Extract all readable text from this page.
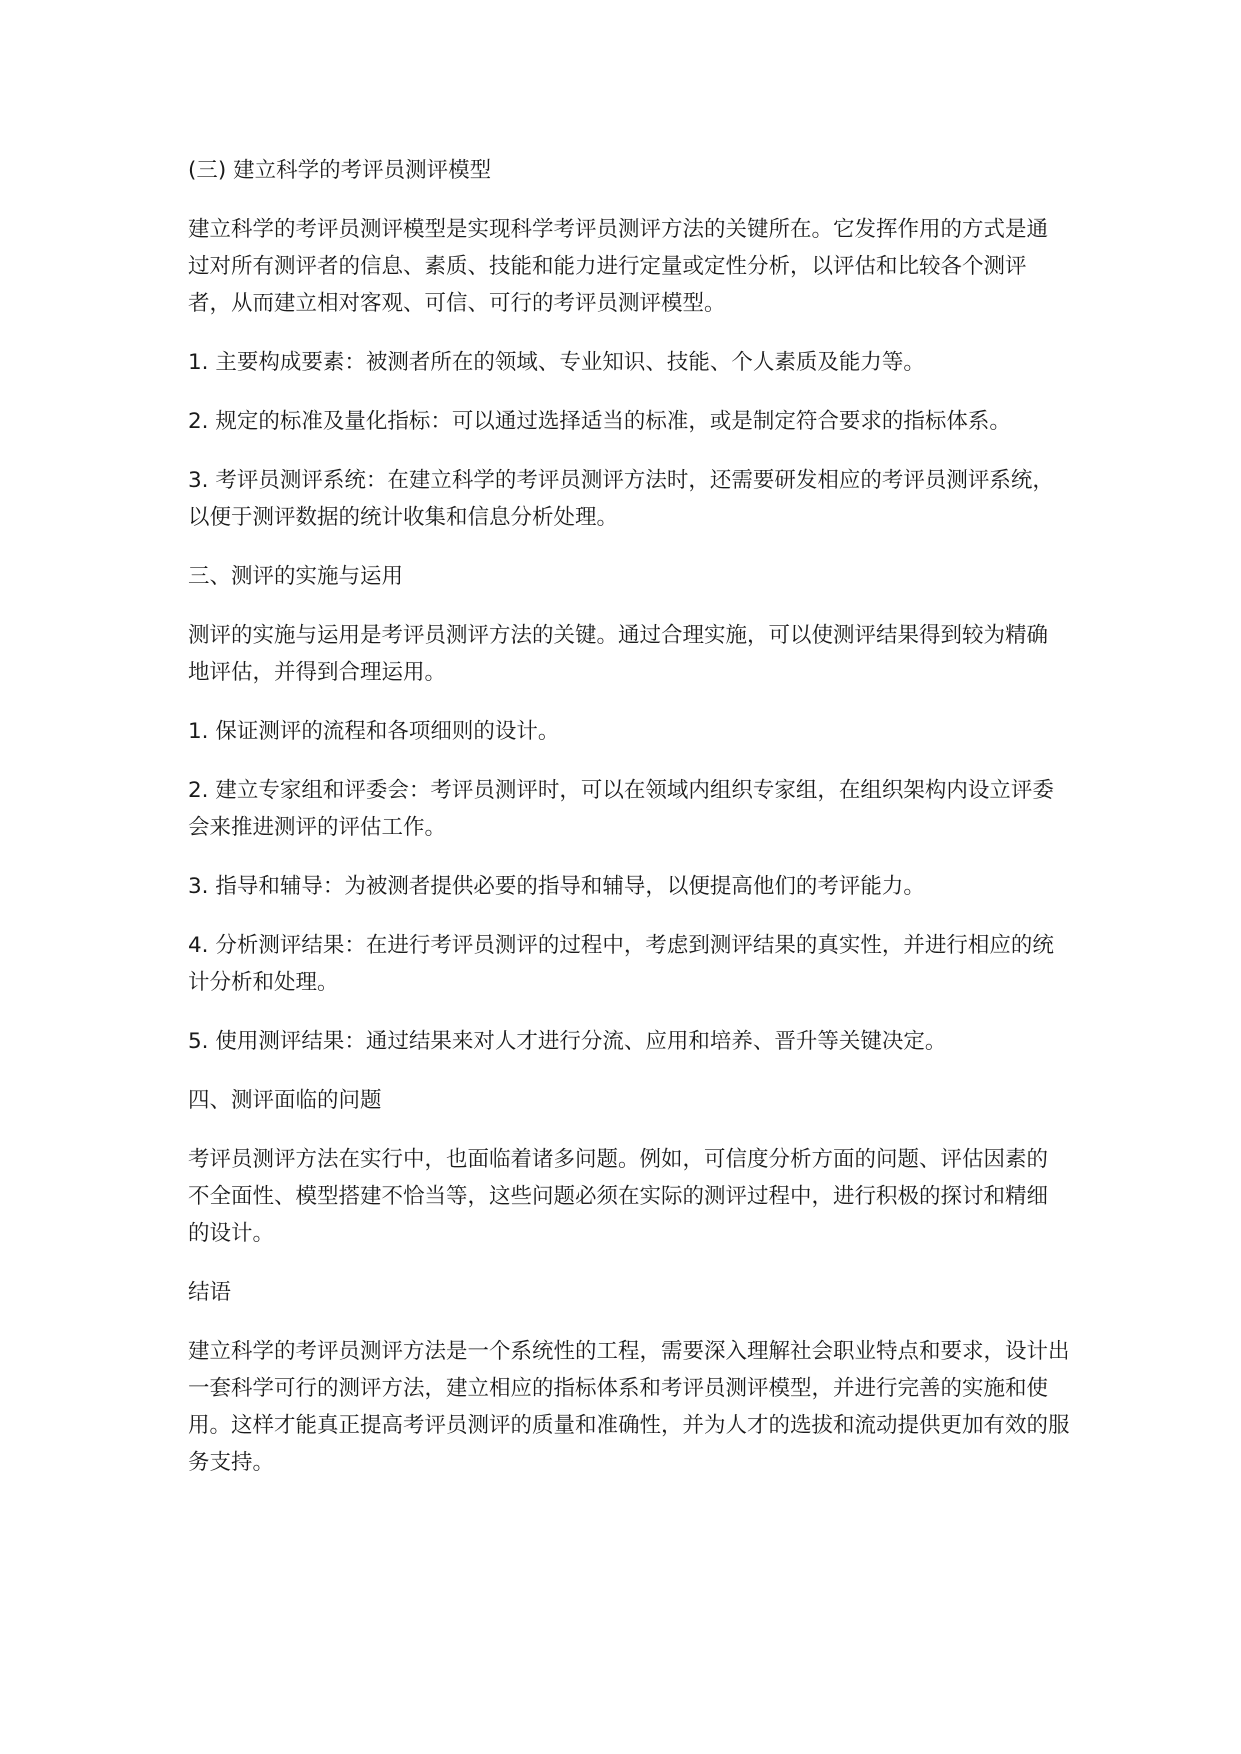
(三) 建立科学的考评员测评模型

建立科学的考评员测评模型是实现科学考评员测评方法的关键所在。它发挥作用的方式是通过对所有测评者的信息、素质、技能和能力进行定量或定性分析，以评估和比较各个测评者，从而建立相对客观、可信、可行的考评员测评模型。

1. 主要构成要素：被测者所在的领域、专业知识、技能、个人素质及能力等。

2. 规定的标准及量化指标：可以通过选择适当的标准，或是制定符合要求的指标体系。

3. 考评员测评系统：在建立科学的考评员测评方法时，还需要研发相应的考评员测评系统，以便于测评数据的统计收集和信息分析处理。

三、测评的实施与运用

测评的实施与运用是考评员测评方法的关键。通过合理实施，可以使测评结果得到较为精确地评估，并得到合理运用。

1. 保证测评的流程和各项细则的设计。

2. 建立专家组和评委会：考评员测评时，可以在领域内组织专家组，在组织架构内设立评委会来推进测评的评估工作。

3. 指导和辅导：为被测者提供必要的指导和辅导，以便提高他们的考评能力。

4. 分析测评结果：在进行考评员测评的过程中，考虑到测评结果的真实性，并进行相应的统计分析和处理。

5. 使用测评结果：通过结果来对人才进行分流、应用和培养、晋升等关键决定。

四、测评面临的问题

考评员测评方法在实行中，也面临着诸多问题。例如，可信度分析方面的问题、评估因素的不全面性、模型搭建不恰当等，这些问题必须在实际的测评过程中，进行积极的探讨和精细的设计。

结语

建立科学的考评员测评方法是一个系统性的工程，需要深入理解社会职业特点和要求，设计出一套科学可行的测评方法，建立相应的指标体系和考评员测评模型，并进行完善的实施和使用。这样才能真正提高考评员测评的质量和准确性，并为人才的选拔和流动提供更加有效的服务支持。
